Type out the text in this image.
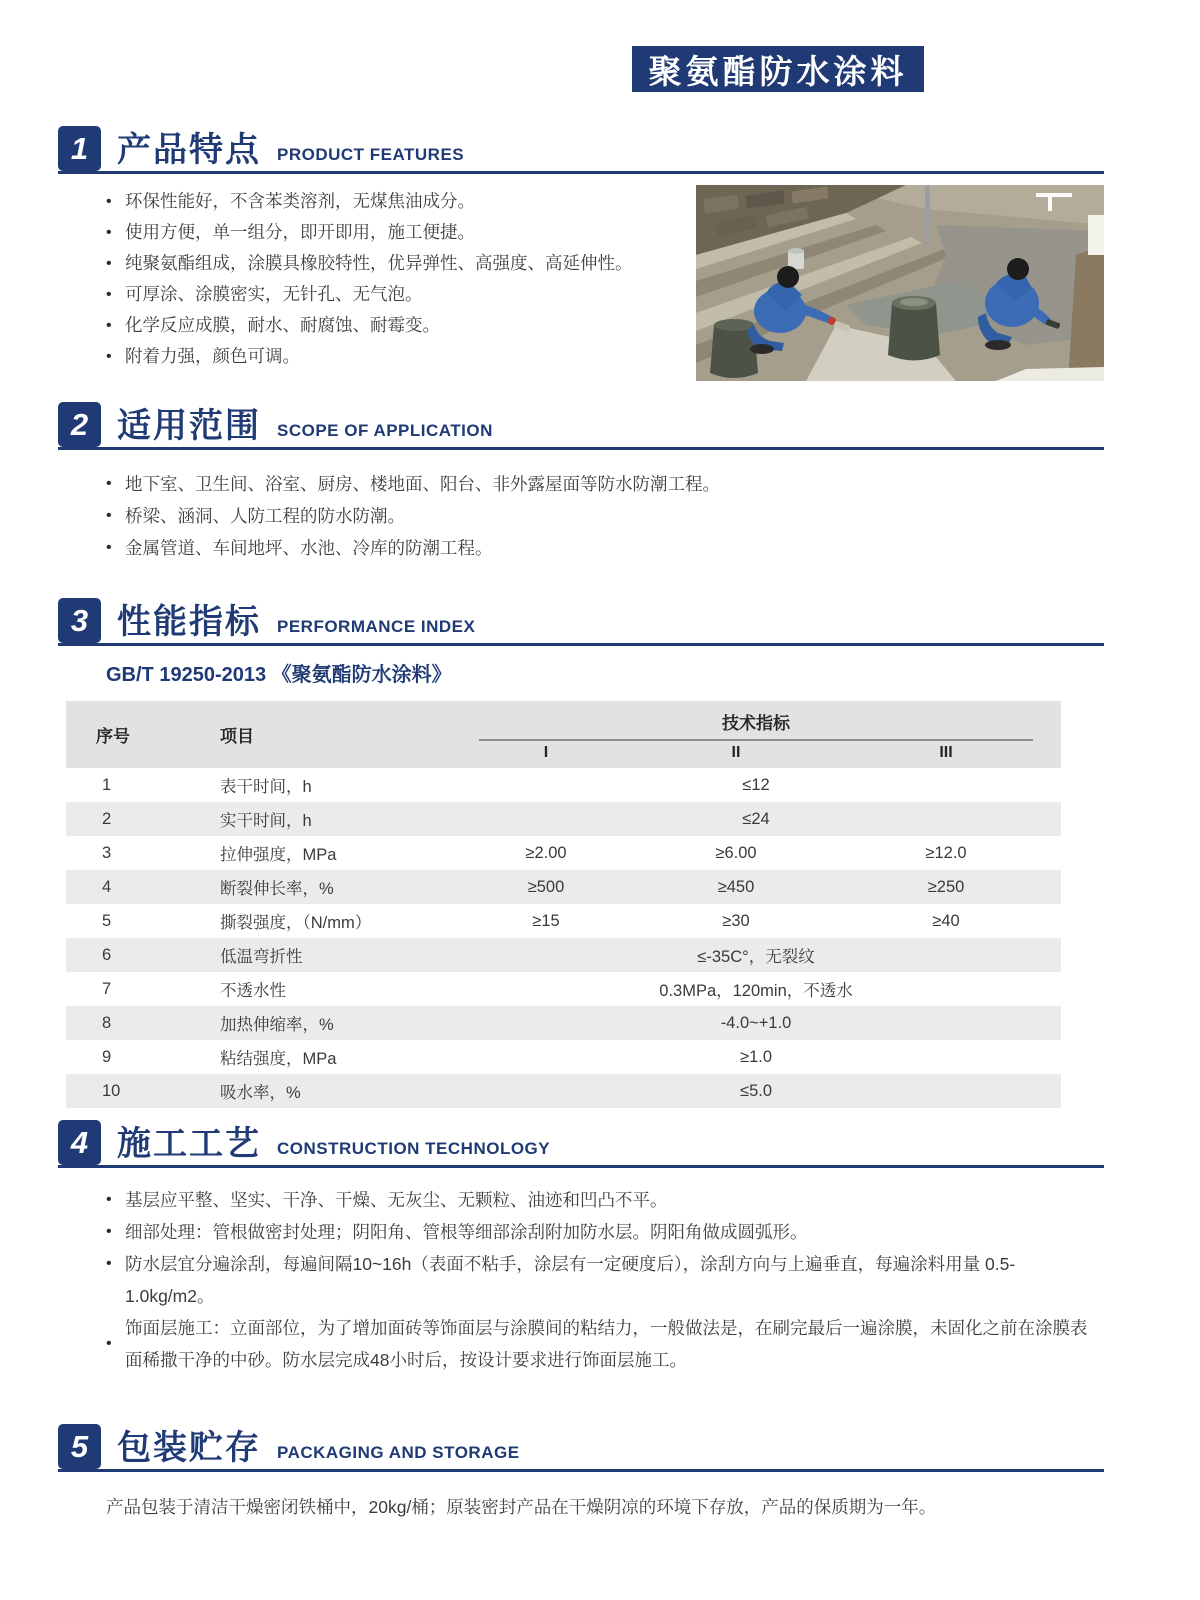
聚氨酯防水涂料
1 产品特点 PRODUCT FEATURES
• 环保性能好，不含苯类溶剂，无煤焦油成分。
• 使用方便，单一组分，即开即用，施工便捷。
• 纯聚氨酯组成，涂膜具橡胶特性，优异弹性、高强度、高延伸性。
• 可厚涂、涂膜密实，无针孔、无气泡。
• 化学反应成膜，耐水、耐腐蚀、耐霉变。
• 附着力强，颜色可调。
2 适用范围 SCOPE OF APPLICATION
• 地下室、卫生间、浴室、厨房、楼地面、阳台、非外露屋面等防水防潮工程。
• 桥梁、涵洞、人防工程的防水防潮。
• 金属管道、车间地坪、水池、冷库的防潮工程。
3 性能指标 PERFORMANCE INDEX
GB/T 19250-2013 《聚氨酯防水涂料》
序号	项目	技术指标		

		I	II	III
1	表干时间，h	≤12		
2	实干时间，h	≤24		
3	拉伸强度，MPa	≥2.00	≥6.00	≥12.0
4	断裂伸长率，%	≥500	≥450	≥250
5	撕裂强度，（N/mm）	≥15	≥30	≥40
6	低温弯折性	≤-35C°，无裂纹		
7	不透水性	0.3MPa，120min，不透水		
8	加热伸缩率，%	-4.0~+1.0		
9	粘结强度，MPa	≥1.0		
10	吸水率，%	≤5.0		
4 施工工艺 CONSTRUCTION TECHNOLOGY
• 基层应平整、坚实、干净、干燥、无灰尘、无颗粒、油迹和凹凸不平。
• 细部处理：管根做密封处理；阴阳角、管根等细部涂刮附加防水层。阴阳角做成圆弧形。
• 防水层宜分遍涂刮，每遍间隔10~16h（表面不粘手，涂层有一定硬度后），涂刮方向与上遍垂直，每遍涂料用量 0.5-1.0kg/m2。
•
饰面层施工：立面部位，为了增加面砖等饰面层与涂膜间的粘结力，一般做法是，在刷完最后一遍涂膜，未固化之前在涂膜表面稀撒干净的中砂。防水层完成48小时后，按设计要求进行饰面层施工。
5 包装贮存 PACKAGING AND STORAGE
产品包装于清洁干燥密闭铁桶中，20kg/桶；原装密封产品在干燥阴凉的环境下存放，产品的保质期为一年。
